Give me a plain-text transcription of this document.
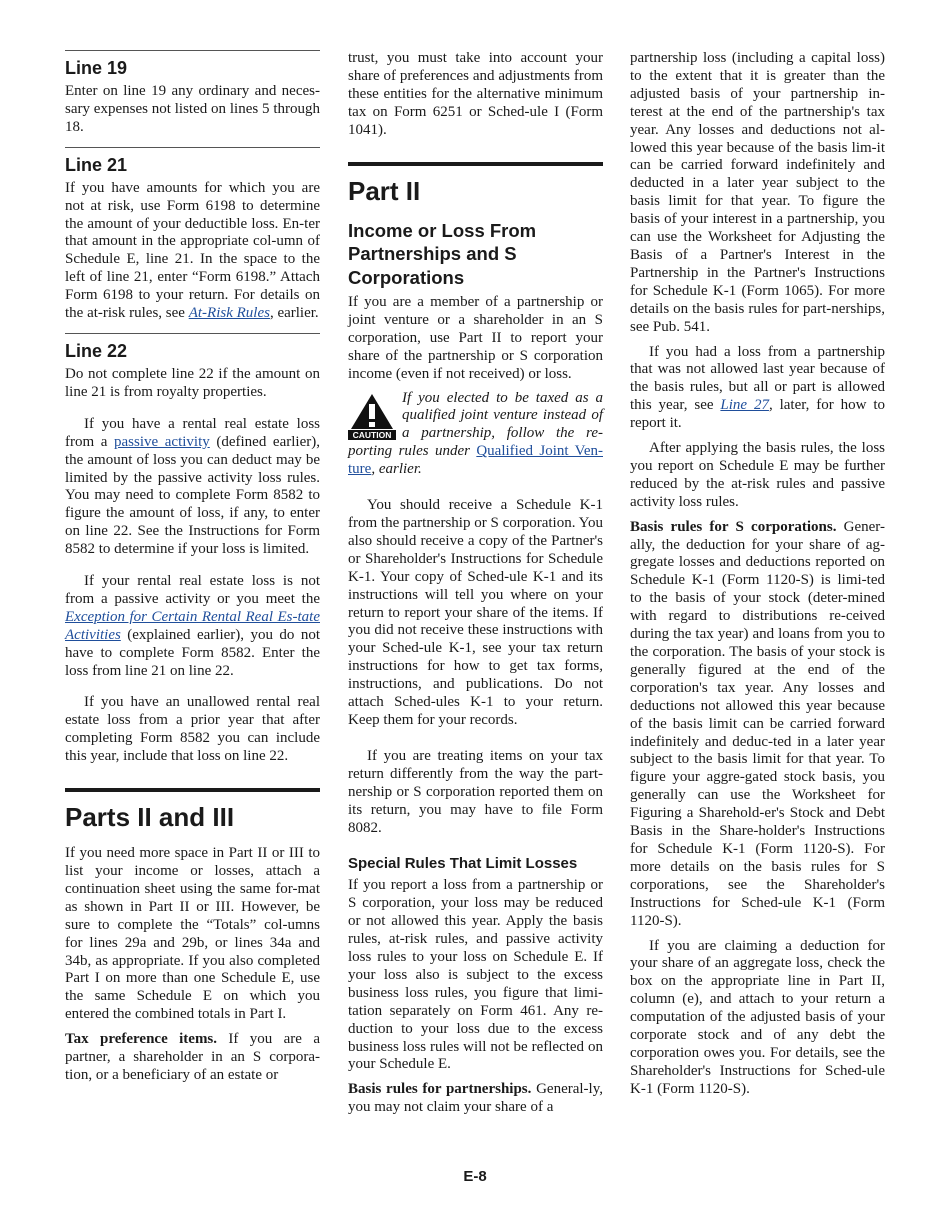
Line 19

Enter on line 19 any ordinary and neces-sary expenses not listed on lines 5 through 18.

Line 21

If you have amounts for which you are not at risk, use Form 6198 to determine the amount of your deductible loss. En-ter that amount in the appropriate col-umn of Schedule E, line 21. In the space to the left of line 21, enter “Form 6198.” Attach Form 6198 to your return. For details on the at-risk rules, see At-Risk Rules, earlier.

Line 22

Do not complete line 22 if the amount on line 21 is from royalty properties.

If you have a rental real estate loss from a passive activity (defined earlier), the amount of loss you can deduct may be limited by the passive activity loss rules. You may need to complete Form 8582 to figure the amount of loss, if any, to enter on line 22. See the Instructions for Form 8582 to determine if your loss is limited.

If your rental real estate loss is not from a passive activity or you meet the Exception for Certain Rental Real Es-tate Activities (explained earlier), you do not have to complete Form 8582. Enter the loss from line 21 on line 22.

If you have an unallowed rental real estate loss from a prior year that after completing Form 8582 you can include this year, include that loss on line 22.

Parts II and III

If you need more space in Part II or III to list your income or losses, attach a continuation sheet using the same for-mat as shown in Part II or III. However, be sure to complete the “Totals” col-umns for lines 29a and 29b, or lines 34a and 34b, as appropriate. If you also completed Part I on more than one Schedule E, use the same Schedule E on which you entered the combined totals in Part I.

Tax preference items. If you are a partner, a shareholder in an S corpora-tion, or a beneficiary of an estate or

trust, you must take into account your share of preferences and adjustments from these entities for the alternative minimum tax on Form 6251 or Sched-ule I (Form 1041).

Part II
Income or Loss From Partnerships and S Corporations

If you are a member of a partnership or joint venture or a shareholder in an S corporation, use Part II to report your share of the partnership or S corporation income (even if not received) or loss.

CAUTION

If you elected to be taxed as a qualified joint venture instead of a partnership, follow the re-porting rules under Qualified Joint Ven-ture, earlier.

You should receive a Schedule K-1 from the partnership or S corporation. You also should receive a copy of the Partner's or Shareholder's Instructions for Schedule K-1. Your copy of Sched-ule K-1 and its instructions will tell you where on your return to report your share of the items. If you did not receive these instructions with your Sched-ule K-1, see your tax return instructions for how to get tax forms, instructions, and publications. Do not attach Sched-ules K-1 to your return. Keep them for your records.

If you are treating items on your tax return differently from the way the part-nership or S corporation reported them on its return, you may have to file Form 8082.

Special Rules That Limit Losses

If you report a loss from a partnership or S corporation, your loss may be reduced or not allowed this year. Apply the basis rules, at-risk rules, and passive activity loss rules to your loss on Schedule E. If your loss also is subject to the excess business loss rules, you figure that limi-tation separately on Form 461. Any re-duction to your loss due to the excess business loss rules will not be reflected on your Schedule E.

Basis rules for partnerships. General-ly, you may not claim your share of a

partnership loss (including a capital loss) to the extent that it is greater than the adjusted basis of your partnership in-terest at the end of the partnership's tax year. Any losses and deductions not al-lowed this year because of the basis lim-it can be carried forward indefinitely and deducted in a later year subject to the basis limit for that year. To figure the basis of your interest in a partnership, you can use the Worksheet for Adjusting the Basis of a Partner's Interest in the Partnership in the Partner's Instructions for Schedule K-1 (Form 1065). For more details on the basis rules for part-nerships, see Pub. 541.

If you had a loss from a partnership that was not allowed last year because of the basis rules, but all or part is allowed this year, see Line 27, later, for how to report it.

After applying the basis rules, the loss you report on Schedule E may be further reduced by the at-risk rules and passive activity loss rules.

Basis rules for S corporations. Gener-ally, the deduction for your share of ag-gregate losses and deductions reported on Schedule K-1 (Form 1120-S) is limi-ted to the basis of your stock (deter-mined with regard to distributions re-ceived during the tax year) and loans from you to the corporation. The basis of your stock is generally figured at the end of the corporation's tax year. Any losses and deductions not allowed this year because of the basis limit can be carried forward indefinitely and deduc-ted in a later year subject to the basis limit for that year. To figure your aggre-gated stock basis, you generally can use the Worksheet for Figuring a Sharehold-er's Stock and Debt Basis in the Share-holder's Instructions for Schedule K-1 (Form 1120-S). For more details on the basis rules for S corporations, see the Shareholder's Instructions for Sched-ule K-1 (Form 1120-S).

If you are claiming a deduction for your share of an aggregate loss, check the box on the appropriate line in Part II, column (e), and attach to your return a computation of the adjusted basis of your corporate stock and of any debt the corporation owes you. For details, see the Shareholder's Instructions for Sched-ule K-1 (Form 1120-S).

E-8
